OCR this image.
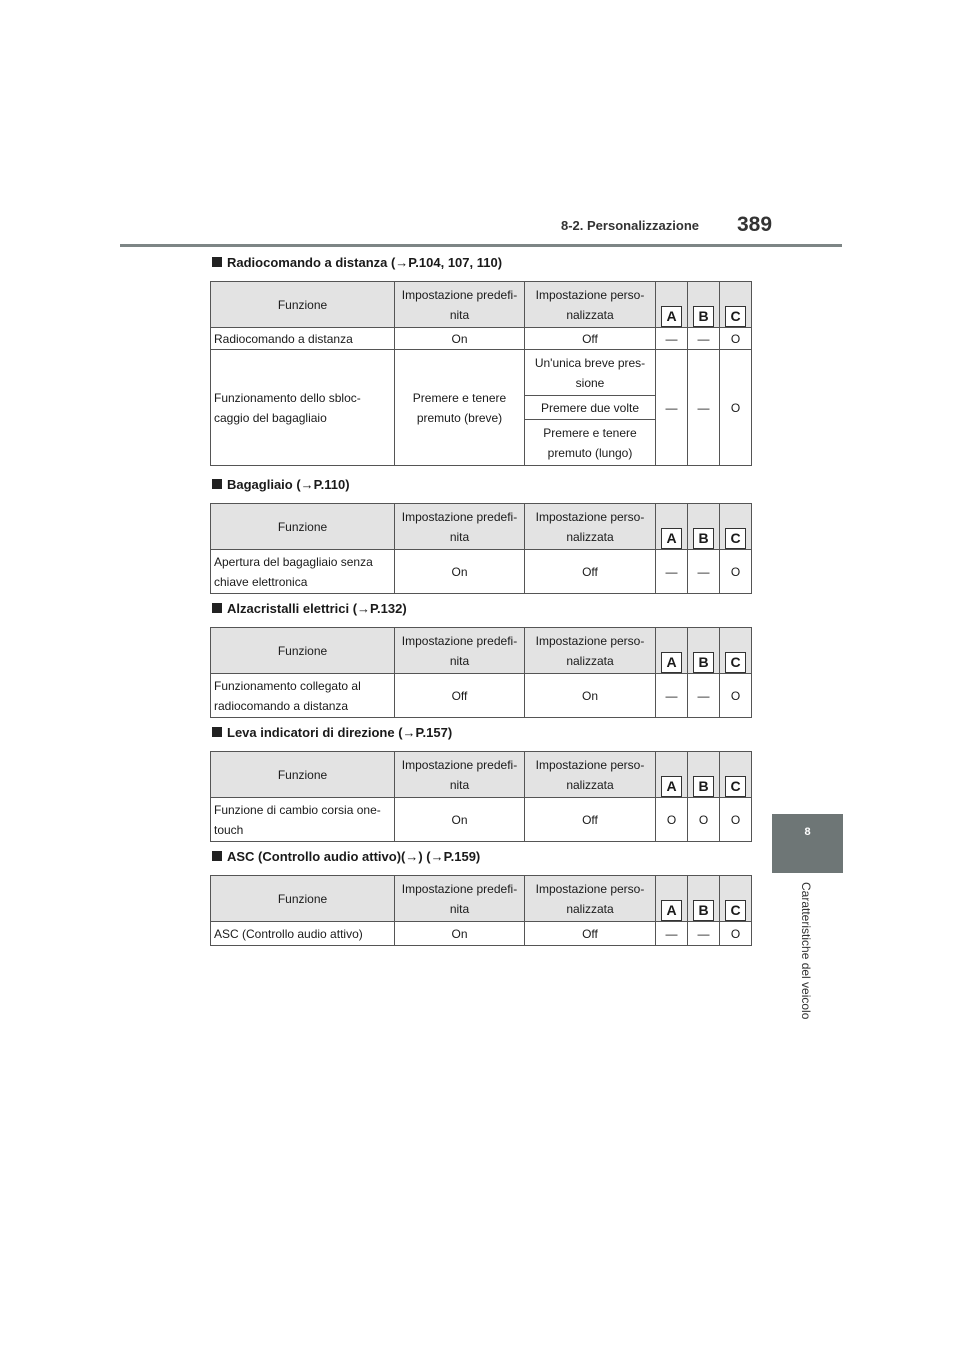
8-2. Personalizzazione 389
8
Caratteristiche del veicolo
Radiocomando a distanza (→P.104, 107, 110)
Funzione	Impostazione predefi-nita	Impostazione perso-nalizzata	A	B	C
Radiocomando a distanza	On	Off	—	—	O
Funzionamento dello sbloc-caggio del bagagliaio	Premere e tenere premuto (breve)	Un'unica breve pres-sione	—	—	O
		Premere due volte			
		Premere e tenere premuto (lungo)			
Bagagliaio (→P.110)
Funzione	Impostazione predefi-nita	Impostazione perso-nalizzata	A	B	C
Apertura del bagagliaio senza chiave elettronica	On	Off	—	—	O
Alzacristalli elettrici (→P.132)
Funzione	Impostazione predefi-nita	Impostazione perso-nalizzata	A	B	C
Funzionamento collegato al radiocomando a distanza	Off	On	—	—	O
Leva indicatori di direzione (→P.157)
Funzione	Impostazione predefi-nita	Impostazione perso-nalizzata	A	B	C
Funzione di cambio corsia one-touch	On	Off	O	O	O
ASC (Controllo audio attivo)(→) (→P.159)
Funzione	Impostazione predefi-nita	Impostazione perso-nalizzata	A	B	C
ASC (Controllo audio attivo)	On	Off	—	—	O
